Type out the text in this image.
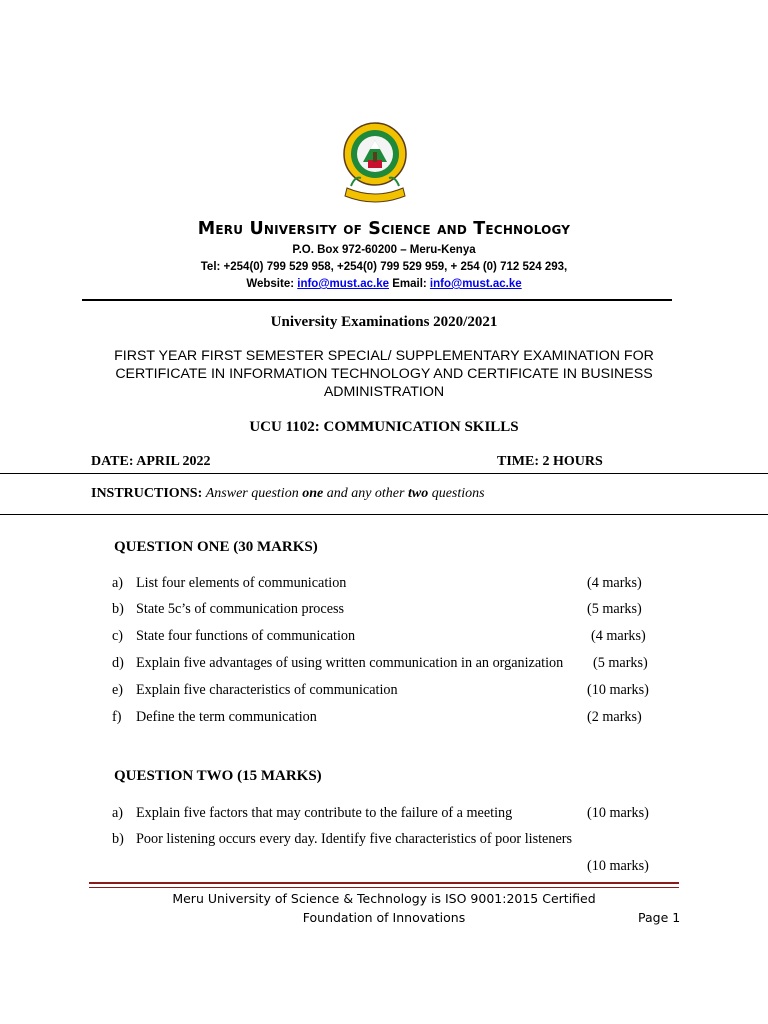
Meru University of Science and Technology
P.O. Box 972-60200 – Meru-Kenya
Tel: +254(0) 799 529 958, +254(0) 799 529 959, + 254 (0) 712 524 293,
Website: info@must.ac.ke Email: info@must.ac.ke
University Examinations 2020/2021
FIRST YEAR FIRST SEMESTER SPECIAL/ SUPPLEMENTARY EXAMINATION FOR
CERTIFICATE IN INFORMATION TECHNOLOGY AND CERTIFICATE IN BUSINESS
ADMINISTRATION
UCU 1102: COMMUNICATION SKILLS
DATE: APRIL 2022	TIME: 2 HOURS
INSTRUCTIONS: Answer question one and any other two questions
QUESTION ONE (30 MARKS)
a) List four elements of communication	(4 marks)
b) State 5c’s of communication process	(5 marks)
c) State four functions of communication	(4 marks)
d) Explain five advantages of using written communication in an organization (5 marks)
e) Explain five characteristics of communication	(10 marks)
f) Define the term communication	(2 marks)
QUESTION TWO (15 MARKS)
a) Explain five factors that may contribute to the failure of a meeting	(10 marks)
b) Poor listening occurs every day. Identify five characteristics of poor listeners
(10 marks)
Meru University of Science & Technology is ISO 9001:2015 Certified
Foundation of Innovations	Page 1
